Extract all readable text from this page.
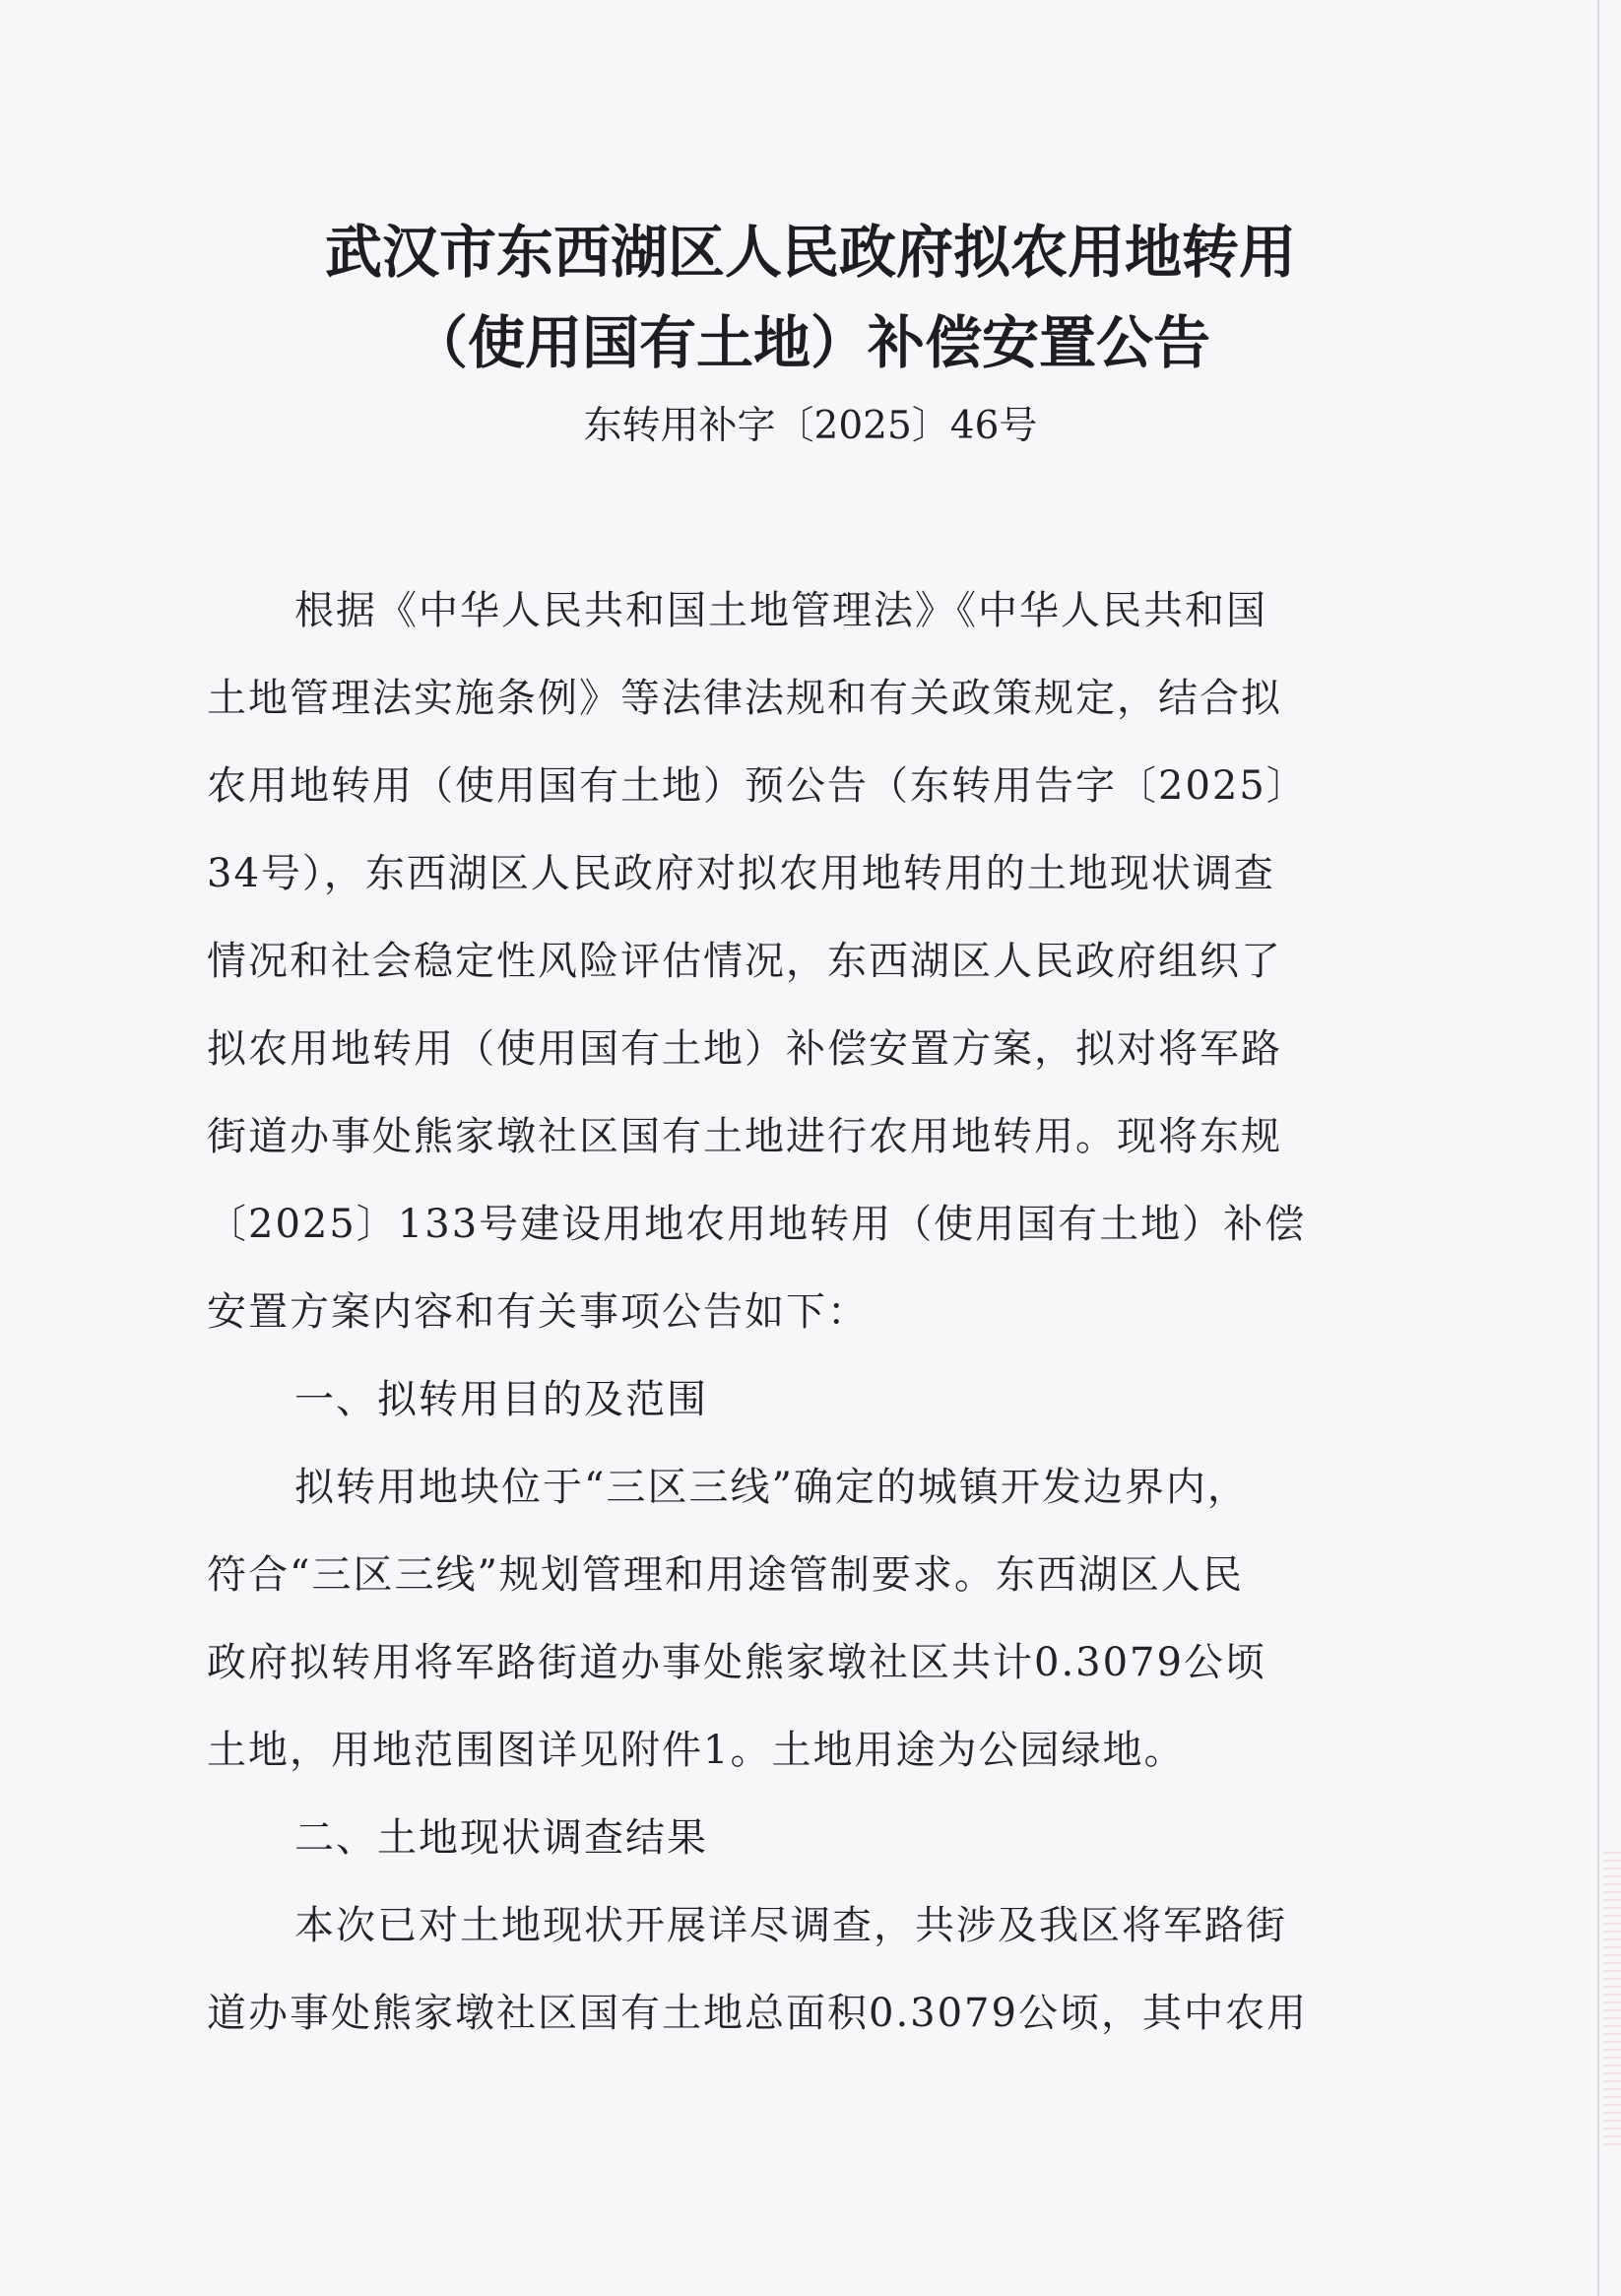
武汉市东西湖区人民政府拟农用地转用
（使用国有土地）补偿安置公告
东转用补字〔2025〕46号
根据《中华人民共和国土地管理法》《中华人民共和国
土地管理法实施条例》等法律法规和有关政策规定，结合拟
农用地转用（使用国有土地）预公告（东转用告字〔2025〕
34号），东西湖区人民政府对拟农用地转用的土地现状调查
情况和社会稳定性风险评估情况，东西湖区人民政府组织了
拟农用地转用（使用国有土地）补偿安置方案，拟对将军路
街道办事处熊家墩社区国有土地进行农用地转用。现将东规
〔2025〕133号建设用地农用地转用（使用国有土地）补偿
安置方案内容和有关事项公告如下：
一、拟转用目的及范围
拟转用地块位于“三区三线”确定的城镇开发边界内，
符合“三区三线”规划管理和用途管制要求。东西湖区人民
政府拟转用将军路街道办事处熊家墩社区共计0.3079公顷
土地，用地范围图详见附件1。土地用途为公园绿地。
二、土地现状调查结果
本次已对土地现状开展详尽调查，共涉及我区将军路街
道办事处熊家墩社区国有土地总面积0.3079公顷，其中农用
